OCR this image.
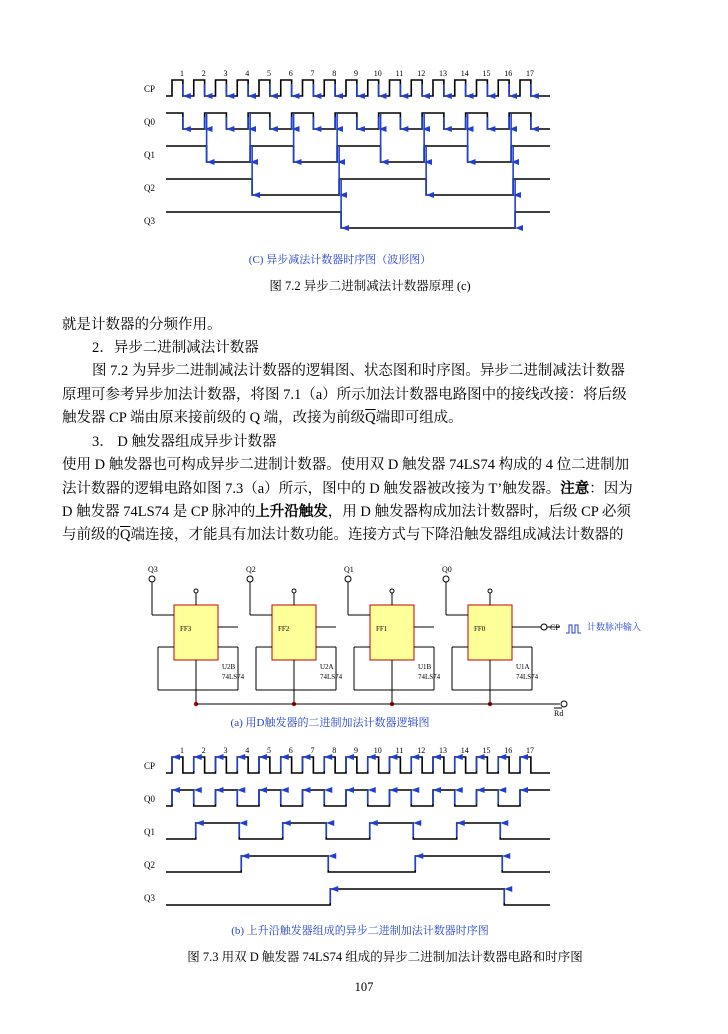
1 2 3 4 5 6 7 8 9 10 11 12 13 14 15 16 17
CP
Q0
Q1
Q2
Q3
(C) 异步减法计数器时序图（波形图）
图 7.2 异步二进制减法计数器原理 (c)
就是计数器的分频作用。
2．异步二进制减法计数器
图 7.2 为异步二进制减法计数器的逻辑图、状态图和时序图。异步二进制减法计数器
原理可参考异步加法计数器，将图 7.1（a）所示加法计数器电路图中的接线改接：将后级
触发器 CP 端由原来接前级的 Q 端，改接为前级$\overline{Q}$端即可组成。
3． D 触发器组成异步计数器
使用 D 触发器也可构成异步二进制计数器。使用双 D 触发器 74LS74 构成的 4 位二进制加
法计数器的逻辑电路如图 7.3（a）所示，图中的 D 触发器被改接为 T’触发器。注意：因为
D 触发器 74LS74 是 CP 脉冲的上升沿触发，用 D 触发器构成加法计数器时，后级 CP 必须
与前级的$\overline{Q}$端连接，才能具有加法计数功能。连接方式与下降沿触发器组成减法计数器的
Q3	Q2	Q1	Q0
FF3
U2B
74LS74
FF2
U2A
74LS74
FF1
U1B
74LS74
FF0
U1A
74LS74
Rd
CP	计数脉冲输入
(a) 用D触发器的二进制加法计数器逻辑图
1 2 3 4 5 6 7 8 9 10 11 12 13 14 15 16 17
CP
Q0
Q1
Q2
Q3
(b) 上升沿触发器组成的异步二进制加法计数器时序图
图 7.3 用双 D 触发器 74LS74 组成的异步二进制加法计数器电路和时序图
107
